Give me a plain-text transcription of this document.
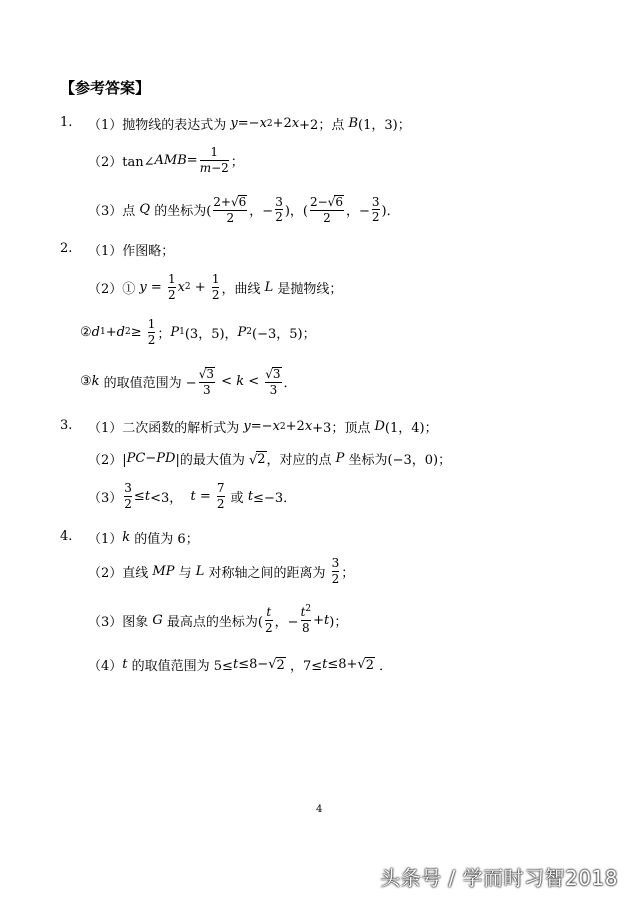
【参考答案】
1. （1）抛物线的表达式为 y =− x 2 +2 x +2；点 B (1，3)；
（2）tan∠ AMB =
1
m−2 ；
（3）点 Q 的坐标为(
2+√6
2 ，−
3
2 )，(
2−√6
2 ，−
3
2 )．
2. （1）作图略；
（2）① y =
1
2 x 2 +
1
2 ，曲线 L 是抛物线；
② d 1 + d 2 ≥
1
2 ； P 1 (3，5)， P 2 (−3，5)；
③ k 的取值范围为 −
√3
3
< k <
√3
3 ．
3. （1）二次函数的解析式为 y =− x 2 +2 x +3；顶点 D (1，4)；
（2）| PC − PD |的最大值为 √ 2 ，对应的点 P 坐标为(−3，0)；
（3）
3
2 ≤ t <3， t =
7
2 或 t ≤−3．
4. （1） k 的值为 6；
（2）直线 MP 与 L 对称轴之间的距离为
3
2 ；
（3）图象 G 最高点的坐标为(
t
2 ，−
$t^2$
8 + t )；
（4） t 的取值范围为 5≤ t ≤8−√ 2 ，7≤ t ≤8+√ 2 ．
4
头条号 / 学而时习智2018
